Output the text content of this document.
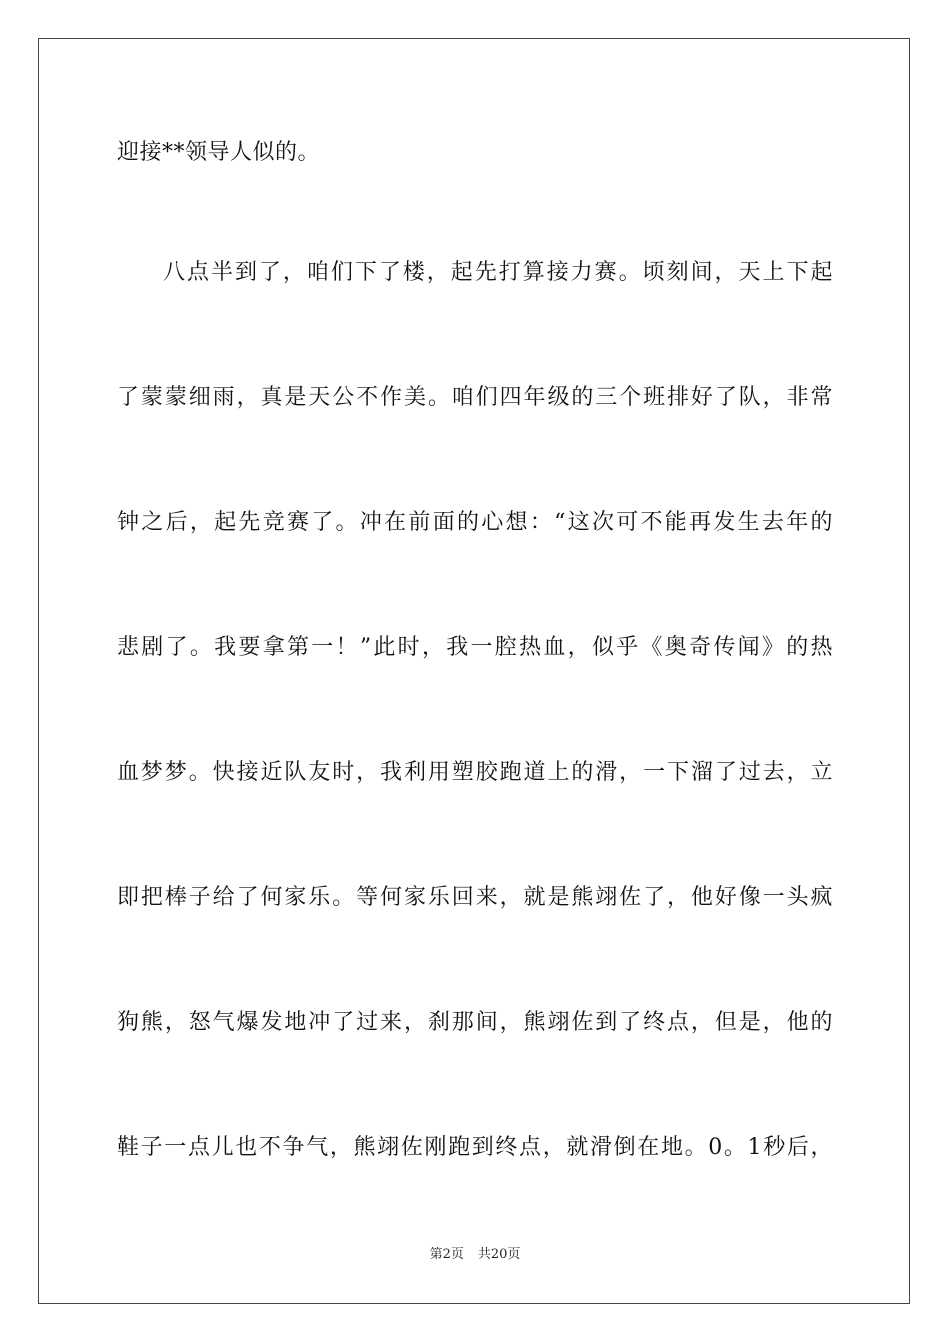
迎接**领导人似的。
八点半到了，咱们下了楼，起先打算接力赛。顷刻间，天上下起
了蒙蒙细雨，真是天公不作美。咱们四年级的三个班排好了队，非常
钟之后，起先竞赛了。冲在前面的心想：“这次可不能再发生去年的
悲剧了。我要拿第一！”此时，我一腔热血，似乎《奥奇传闻》的热
血梦梦。快接近队友时，我利用塑胶跑道上的滑，一下溜了过去，立
即把棒子给了何家乐。等何家乐回来，就是熊翊佐了，他好像一头疯
狗熊，怒气爆发地冲了过来，刹那间，熊翊佐到了终点，但是，他的
鞋子一点儿也不争气，熊翊佐刚跑到终点，就滑倒在地。0。1秒后，
第2页 共20页
